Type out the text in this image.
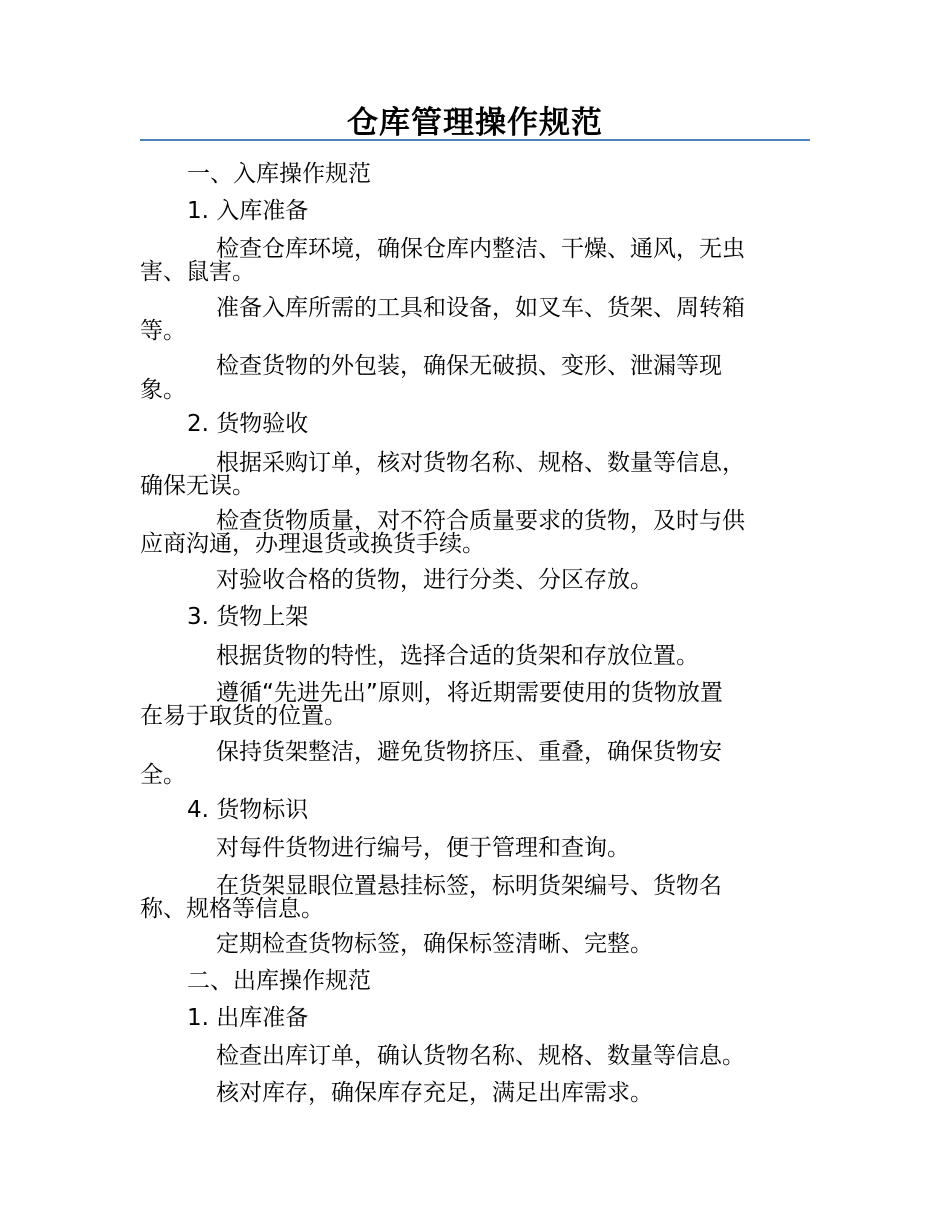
仓库管理操作规范
一、入库操作规范
1. 入库准备
检查仓库环境，确保仓库内整洁、干燥、通风，无虫
害、鼠害。
准备入库所需的工具和设备，如叉车、货架、周转箱
等。
检查货物的外包装，确保无破损、变形、泄漏等现
象。
2. 货物验收
根据采购订单，核对货物名称、规格、数量等信息，
确保无误。
检查货物质量，对不符合质量要求的货物，及时与供
应商沟通，办理退货或换货手续。
对验收合格的货物，进行分类、分区存放。
3. 货物上架
根据货物的特性，选择合适的货架和存放位置。
遵循“先进先出”原则，将近期需要使用的货物放置
在易于取货的位置。
保持货架整洁，避免货物挤压、重叠，确保货物安
全。
4. 货物标识
对每件货物进行编号，便于管理和查询。
在货架显眼位置悬挂标签，标明货架编号、货物名
称、规格等信息。
定期检查货物标签，确保标签清晰、完整。
二、出库操作规范
1. 出库准备
检查出库订单，确认货物名称、规格、数量等信息。
核对库存，确保库存充足，满足出库需求。
